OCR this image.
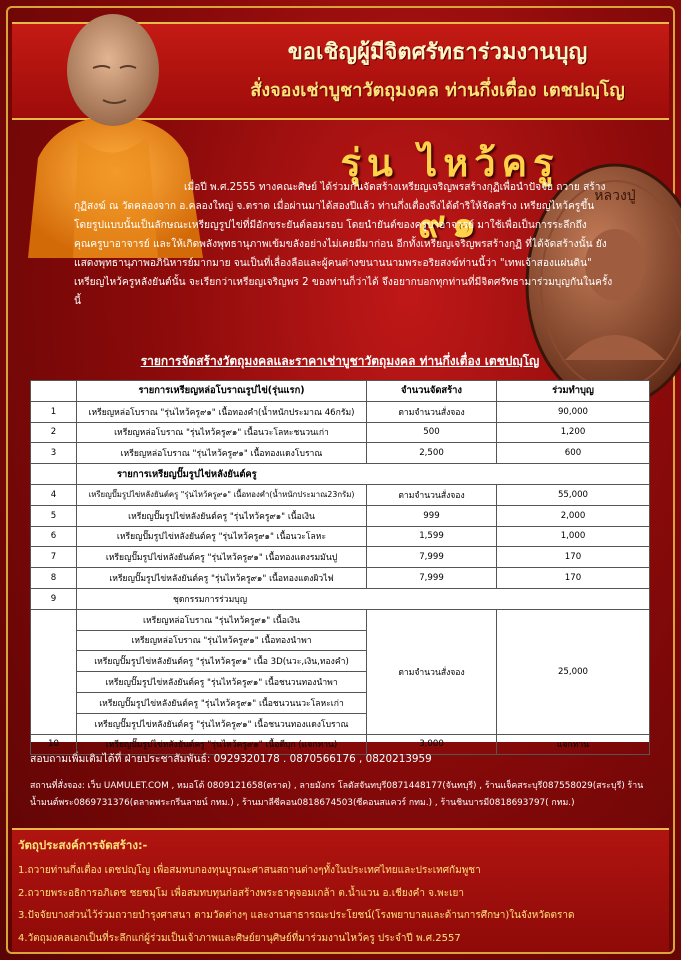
ขอเชิญผู้มีจิตศรัทธาร่วมงานบุญ
สั่งจองเช่าบูชาวัตถุมงคล ท่านกึ่งเตื่อง เตชปญฺโญ
รุ่น ไหว้ครู ๙๑
หลวงปู่

เมื่อปี พ.ศ.2555 ทางคณะศิษย์ ได้ร่วมกันจัดสร้างเหรียญเจริญพรสร้างกุฏิเพื่อนำปัจจัย ถวาย สร้างกุฏิสงฆ์ ณ วัดคลองจาก อ.คลองใหญ่ จ.ตราด เมื่อผ่านมาได้สองปีแล้ว ท่านกึ่งเตื่องจึงได้ดำริให้จัดสร้าง เหรียญไหว้ครูขึ้น โดยรูปแบบนั้นเป็นลักษณะเหรียญรูปไข่ที่มีอักขระยันต์ลอมรอบ โดยนำยันต์ของครูบาอาจารย์ มาใช้เพื่อเป็นการระลึกถึงคุณครูบาอาจารย์ และให้เกิดพลังพุทธานุภาพเข้มขลังอย่างไม่เคยมีมาก่อน อีกทั้งเหรียญเจริญพรสร้างกุฏิ ที่ได้จัดสร้างนั้น ยังแสดงพุทธานุภาพอภินิหารย์มากมาย จนเป็นที่เลื่องลือและผู้คนต่างขนานนามพระอริยสงฆ์ท่านนี้ว่า "เทพเจ้าสองแผ่นดิน" เหรียญไหว้ครูหลังยันต์นั้น จะเรียกว่าเหรียญเจริญพร 2 ของท่านก็ว่าได้ จึงอยากบอกทุกท่านที่มีจิตศรัทธามาร่วมบุญกันในครั้งนี้

รายการจัดสร้างวัตถุมงคลและราคาเช่าบูชาวัตถุมงคล ท่านกึ่งเตื่อง เตชปญฺโญ
	รายการเหรียญหล่อโบราณรูปไข่(รุ่นแรก)	จำนวนจัดสร้าง	ร่วมทำบุญ
1	เหรียญหล่อโบราณ "รุ่นไหว้ครู๙๑" เนื้อทองคำ(น้ำหนักประมาณ 46กรัม)	ตามจำนวนสั่งจอง	90,000
2	เหรียญหล่อโบราณ "รุ่นไหว้ครู๙๑" เนื้อนวะโลหะชนวนเก่า	500	1,200
3	เหรียญหล่อโบราณ "รุ่นไหว้ครู๙๑" เนื้อทองแดงโบราณ	2,500	600
	รายการเหรียญปั๊มรูปไข่หลังยันต์ครู		
4	เหรียญปั๊มรูปไข่หลังยันต์ครู "รุ่นไหว้ครู๙๑" เนื้อทองคำ(น้ำหนักประมาณ23กรัม)	ตามจำนวนสั่งจอง	55,000
5	เหรียญปั๊มรูปไข่หลังยันต์ครู "รุ่นไหว้ครู๙๑" เนื้อเงิน	999	2,000
6	เหรียญปั๊มรูปไข่หลังยันต์ครู "รุ่นไหว้ครู๙๑" เนื้อนวะโลหะ	1,599	1,000
7	เหรียญปั๊มรูปไข่หลังยันต์ครู "รุ่นไหว้ครู๙๑" เนื้อทองแดงรมมันปู	7,999	170
8	เหรียญปั๊มรูปไข่หลังยันต์ครู "รุ่นไหว้ครู๙๑" เนื้อทองแดงผิวไฟ	7,999	170
9	ชุดกรรมการร่วมบุญ		
	เหรียญหล่อโบราณ "รุ่นไหว้ครู๙๑" เนื้อเงิน	ตามจำนวนสั่งจอง	25,000
	เหรียญหล่อโบราณ "รุ่นไหว้ครู๙๑" เนื้อทองนำพา		
	เหรียญปั๊มรูปไข่หลังยันต์ครู "รุ่นไหว้ครู๙๑" เนื้อ 3D(นวะ,เงิน,ทองคำ)		
	เหรียญปั๊มรูปไข่หลังยันต์ครู "รุ่นไหว้ครู๙๑" เนื้อชนวนทองนำพา		
	เหรียญปั๊มรูปไข่หลังยันต์ครู "รุ่นไหว้ครู๙๑" เนื้อชนวนนวะโลหะเก่า		
	เหรียญปั๊มรูปไข่หลังยันต์ครู "รุ่นไหว้ครู๙๑" เนื้อชนวนทองแดงโบราณ		
10	เหรียญปั๊มรูปไข่หลังยันต์ครู "รุ่นไหว้ครู๙๑" เนื้อดีบุก (แจกทาน)	3,000	แจกทาน
สอบถามเพิ่มเติมได้ที่ ฝ่ายประชาสัมพันธ์: 0929320178 . 0870566176 , 0820213959
สถานที่สั่งจอง: เว็บ UAMULET.COM , หมอโต้ 0809121658(ตราด) , ลายมังกร โลตัสจันทบุรี0871448177(จันทบุรี) , ร้านแจ็คสระบุรี087558029(สระบุรี) ร้านน้ำมนต์พระ0869731376(ตลาดพระกรีนลายน์ กทม.) , ร้านมาลีซีคอน0818674503(ซีคอนสแควร์ กทม.) , ร้านชินบารมี0818693797( กทม.)
วัตถุประสงค์การจัดสร้าง:-
1.ถวายท่านกึ่งเตื่อง เตชปญฺโญ เพื่อสมทบกองทุนบูรณะศาสนสถานต่างๆทั้งในประเทศไทยและประเทศกัมพูชา
2.ถวายพระอธิการอภิเดช ชยชมฺโม เพื่อสมทบทุนก่อสร้างพระธาตุจอมเกล้า ต.น้ำแวน อ.เชียงคำ จ.พะเยา
3.ปัจจัยบางส่วนไว้ร่วมถวายบำรุงศาสนา ตามวัดต่างๆ และงานสาธารณะประโยชน์(โรงพยาบาลและด้านการศึกษา)ในจังหวัดตราด
4.วัตถุมงคลเอกเป็นที่ระลึกแก่ผู้ร่วมเป็นเจ้าภาพและศิษย์ยานุศิษย์ที่มาร่วมงานไหว้ครู ประจำปี พ.ศ.2557
